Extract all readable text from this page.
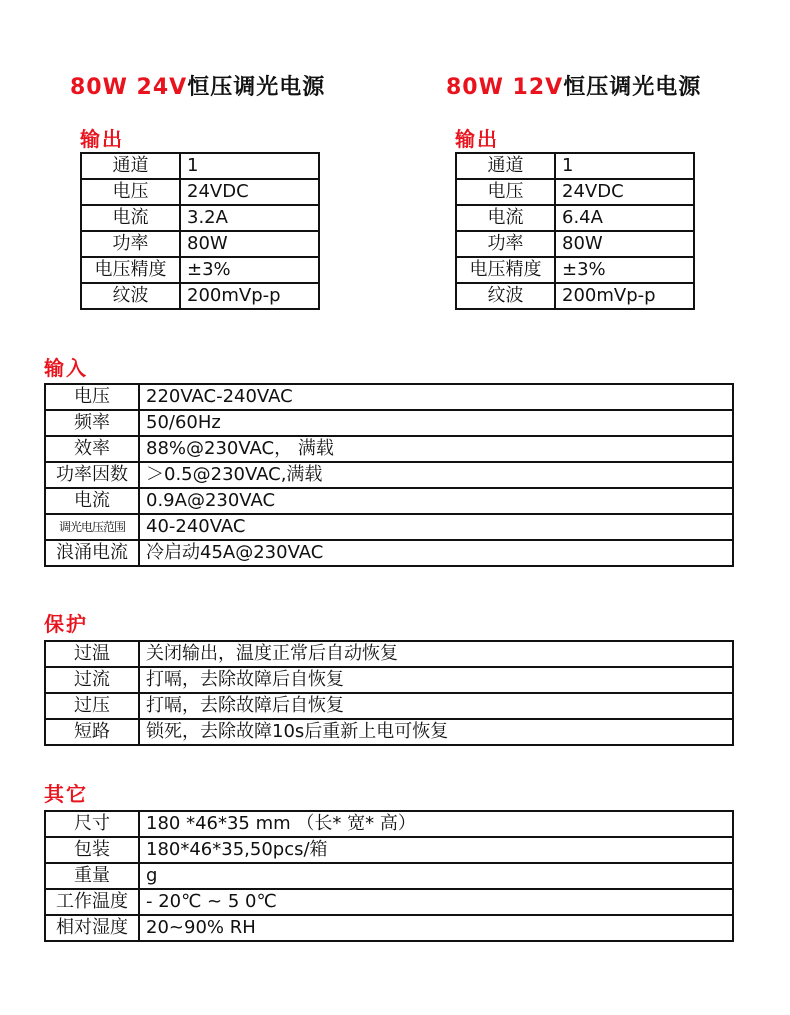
80W 24V恒压调光电源	80W 12V恒压调光电源
输出	输出
通道	1
电压	24VDC
电流	3.2A
功率	80W
电压精度	±3%
纹波	200mVp-p
通道	1
电压	24VDC
电流	6.4A
功率	80W
电压精度	±3%
纹波	200mVp-p
输入
电压	220VAC-240VAC
频率	50/60Hz
效率	88%@230VAC， 满载
功率因数	＞0.5@230VAC,满载
电流	0.9A@230VAC
调光电压范围	40-240VAC
浪涌电流	冷启动45A@230VAC
保护
过温	关闭输出，温度正常后自动恢复
过流	打嗝，去除故障后自恢复
过压	打嗝，去除故障后自恢复
短路	锁死，去除故障10s后重新上电可恢复
其它
尺寸	180 *46*35 mm （长* 宽* 高）
包装	180*46*35,50pcs/箱
重量	g
工作温度	- 20℃ ~ 5 0℃
相对湿度	20~90% RH
